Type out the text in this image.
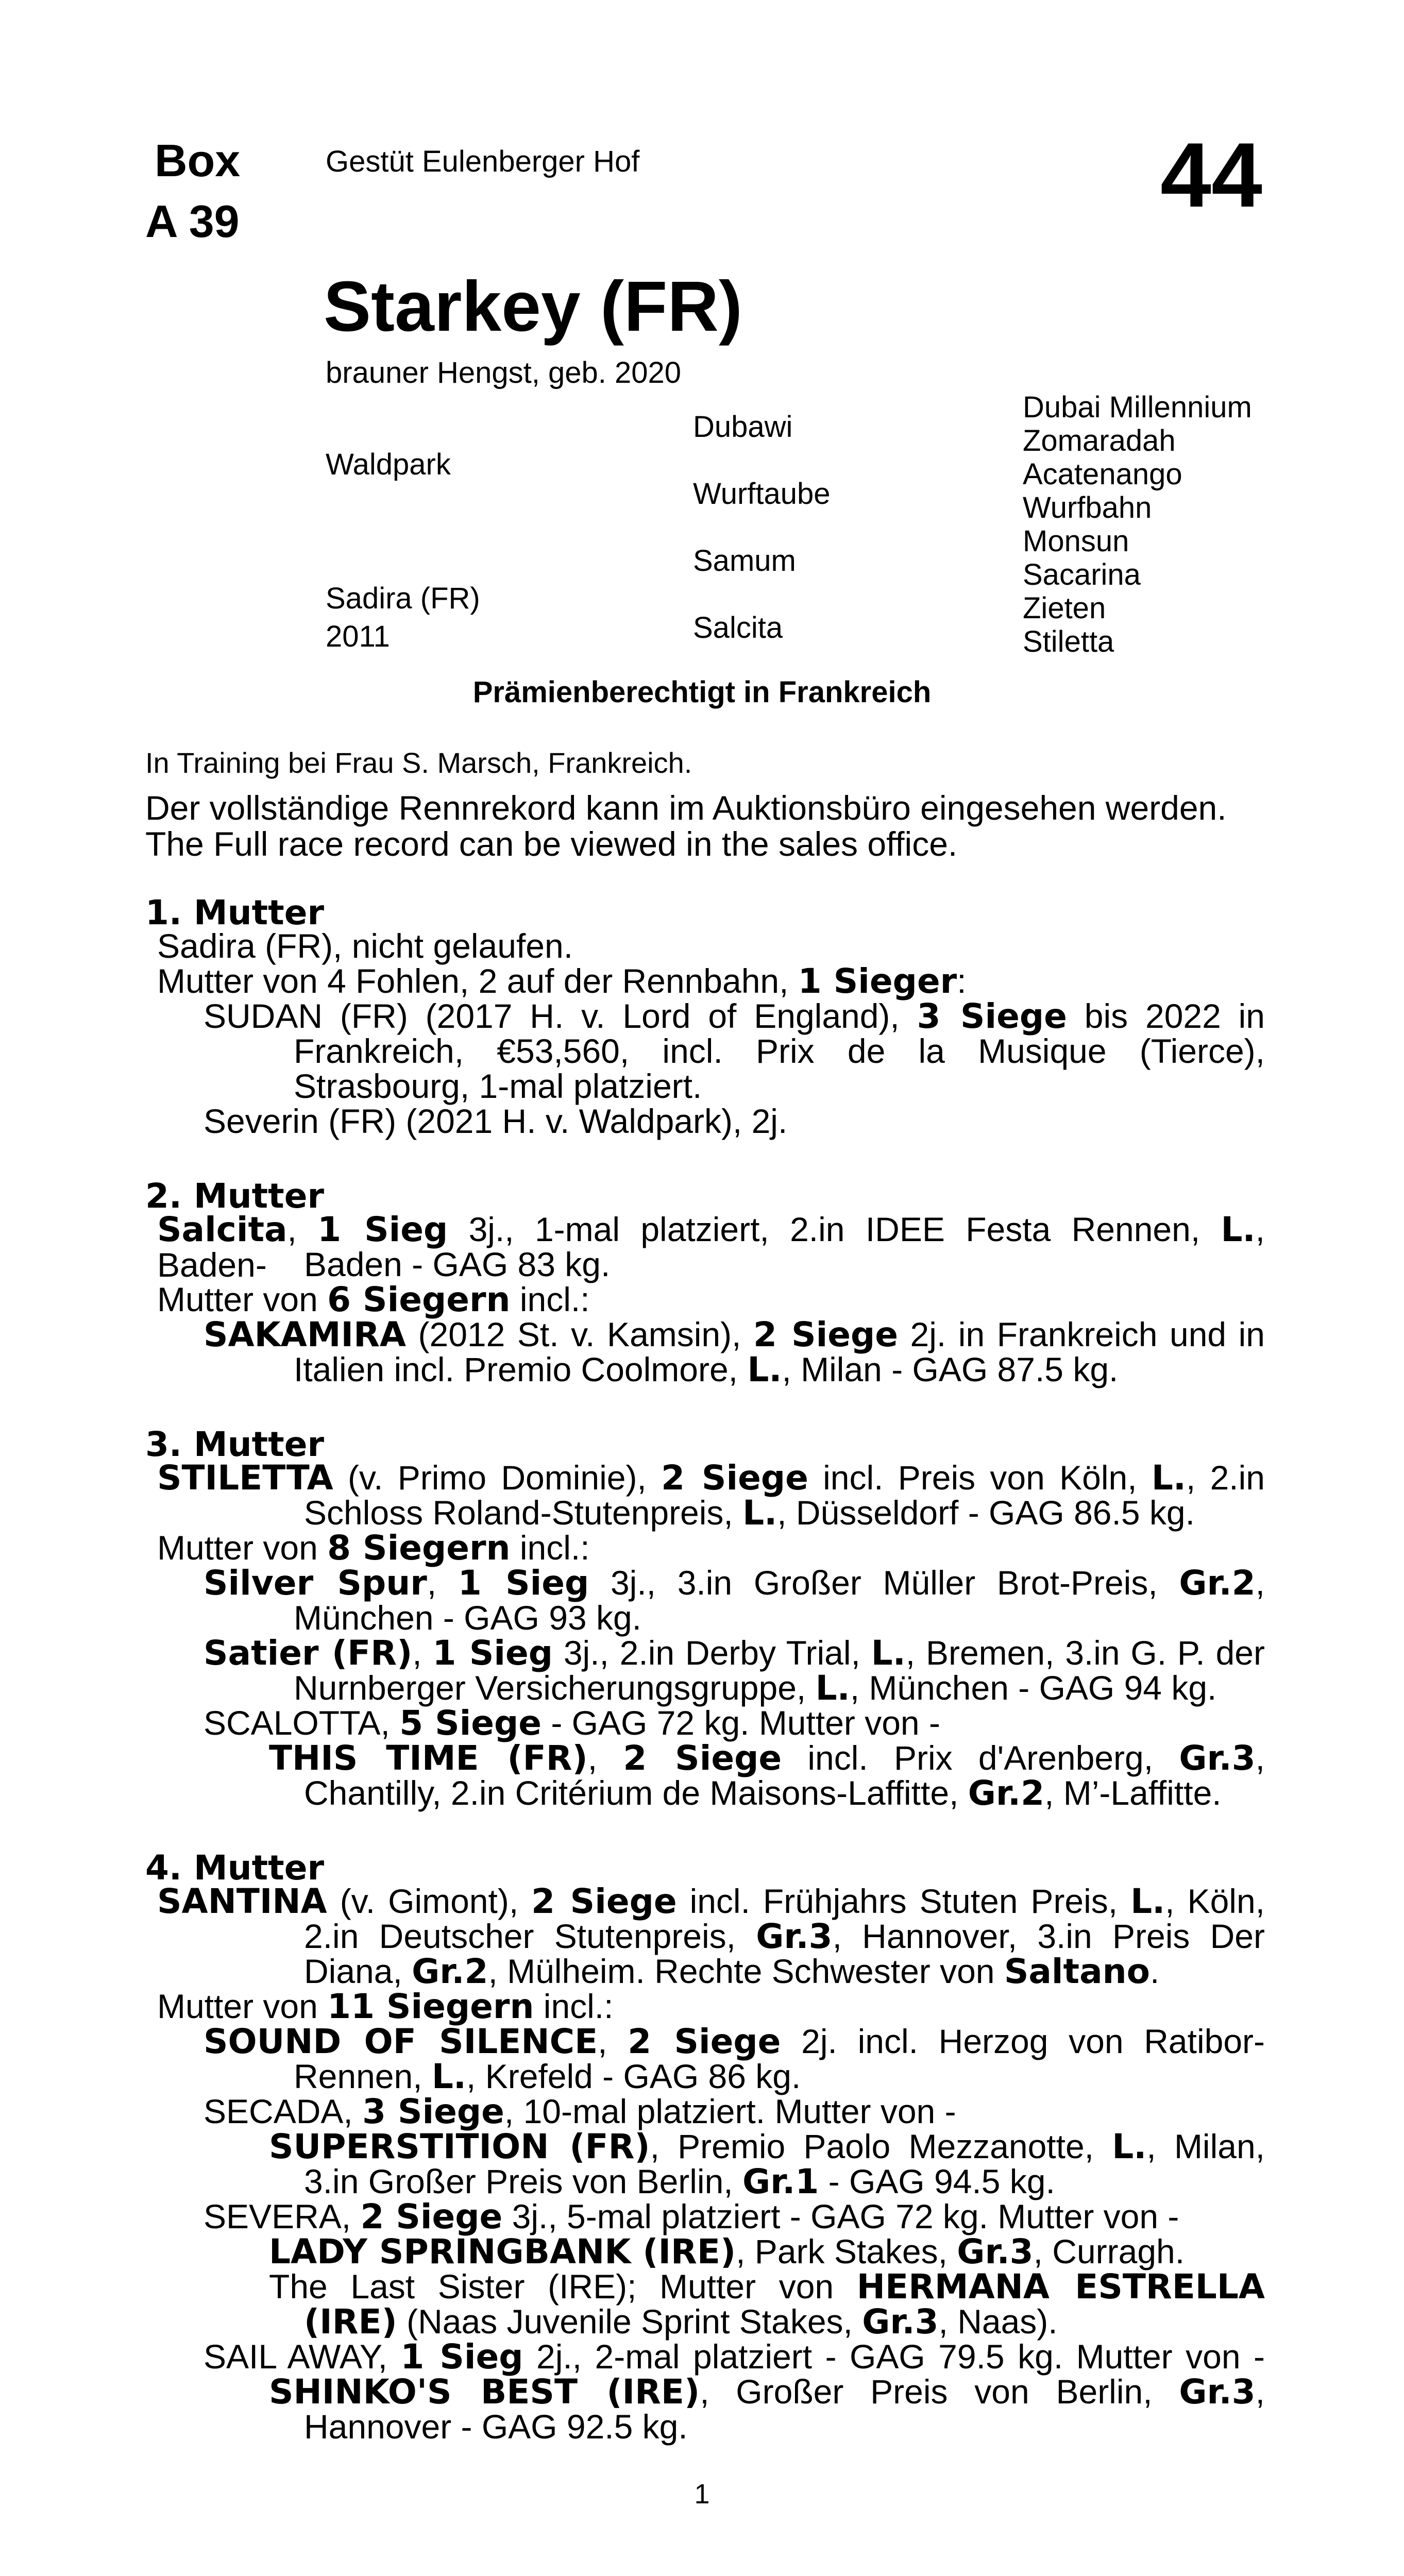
Box
A 39
Gestüt Eulenberger Hof	44
Starkey (FR)
brauner Hengst, geb. 2020
Waldpark
Sadira (FR)
2011
Dubawi
Wurftaube
Samum
Salcita
Dubai Millennium
Zomaradah
Acatenango
Wurfbahn
Monsun
Sacarina
Zieten
Stiletta
Prämienberechtigt in Frankreich
In Training bei Frau S. Marsch, Frankreich.
Der vollständige Rennrekord kann im Auktionsbüro eingesehen werden.
The Full race record can be viewed in the sales office.
1. Mutter
Sadira (FR), nicht gelaufen.
Mutter von 4 Fohlen, 2 auf der Rennbahn, 1 Sieger:
SUDAN (FR) (2017 H. v. Lord of England), 3 Siege bis 2022 in
Frankreich, €53,560, incl. Prix de la Musique (Tierce),
Strasbourg, 1-mal platziert.
Severin (FR) (2021 H. v. Waldpark), 2j.
2. Mutter
Salcita, 1 Sieg 3j., 1-mal platziert, 2.in IDEE Festa Rennen, L., Baden-	Baden - GAG 83 kg.
Mutter von 6 Siegern incl.:
SAKAMIRA (2012 St. v. Kamsin), 2 Siege 2j. in Frankreich und in
Italien incl. Premio Coolmore, L., Milan - GAG 87.5 kg.
3. Mutter
STILETTA (v. Primo Dominie), 2 Siege incl. Preis von Köln, L., 2.in
Schloss Roland-Stutenpreis, L., Düsseldorf - GAG 86.5 kg.
Mutter von 8 Siegern incl.:
Silver Spur, 1 Sieg 3j., 3.in Großer Müller Brot-Preis, Gr.2,
München - GAG 93 kg.
Satier (FR), 1 Sieg 3j., 2.in Derby Trial, L., Bremen, 3.in G. P. der
Nurnberger Versicherungsgruppe, L., München - GAG 94 kg.
SCALOTTA, 5 Siege - GAG 72 kg. Mutter von -
THIS TIME (FR), 2 Siege incl. Prix d'Arenberg, Gr.3,
Chantilly, 2.in Critérium de Maisons-Laffitte, Gr.2, M’-Laffitte.
4. Mutter
SANTINA (v. Gimont), 2 Siege incl. Frühjahrs Stuten Preis, L., Köln,
2.in Deutscher Stutenpreis, Gr.3, Hannover, 3.in Preis Der
Diana, Gr.2, Mülheim. Rechte Schwester von Saltano.
Mutter von 11 Siegern incl.:
SOUND OF SILENCE, 2 Siege 2j. incl. Herzog von Ratibor-
Rennen, L., Krefeld - GAG 86 kg.
SECADA, 3 Siege, 10-mal platziert. Mutter von -
SUPERSTITION (FR), Premio Paolo Mezzanotte, L., Milan,
3.in Großer Preis von Berlin, Gr.1 - GAG 94.5 kg.
SEVERA, 2 Siege 3j., 5-mal platziert - GAG 72 kg. Mutter von -
LADY SPRINGBANK (IRE), Park Stakes, Gr.3, Curragh.
The Last Sister (IRE); Mutter von HERMANA ESTRELLA
(IRE) (Naas Juvenile Sprint Stakes, Gr.3, Naas).
SAIL AWAY, 1 Sieg 2j., 2-mal platziert - GAG 79.5 kg. Mutter von -
SHINKO'S BEST (IRE), Großer Preis von Berlin, Gr.3,
Hannover - GAG 92.5 kg.
1
